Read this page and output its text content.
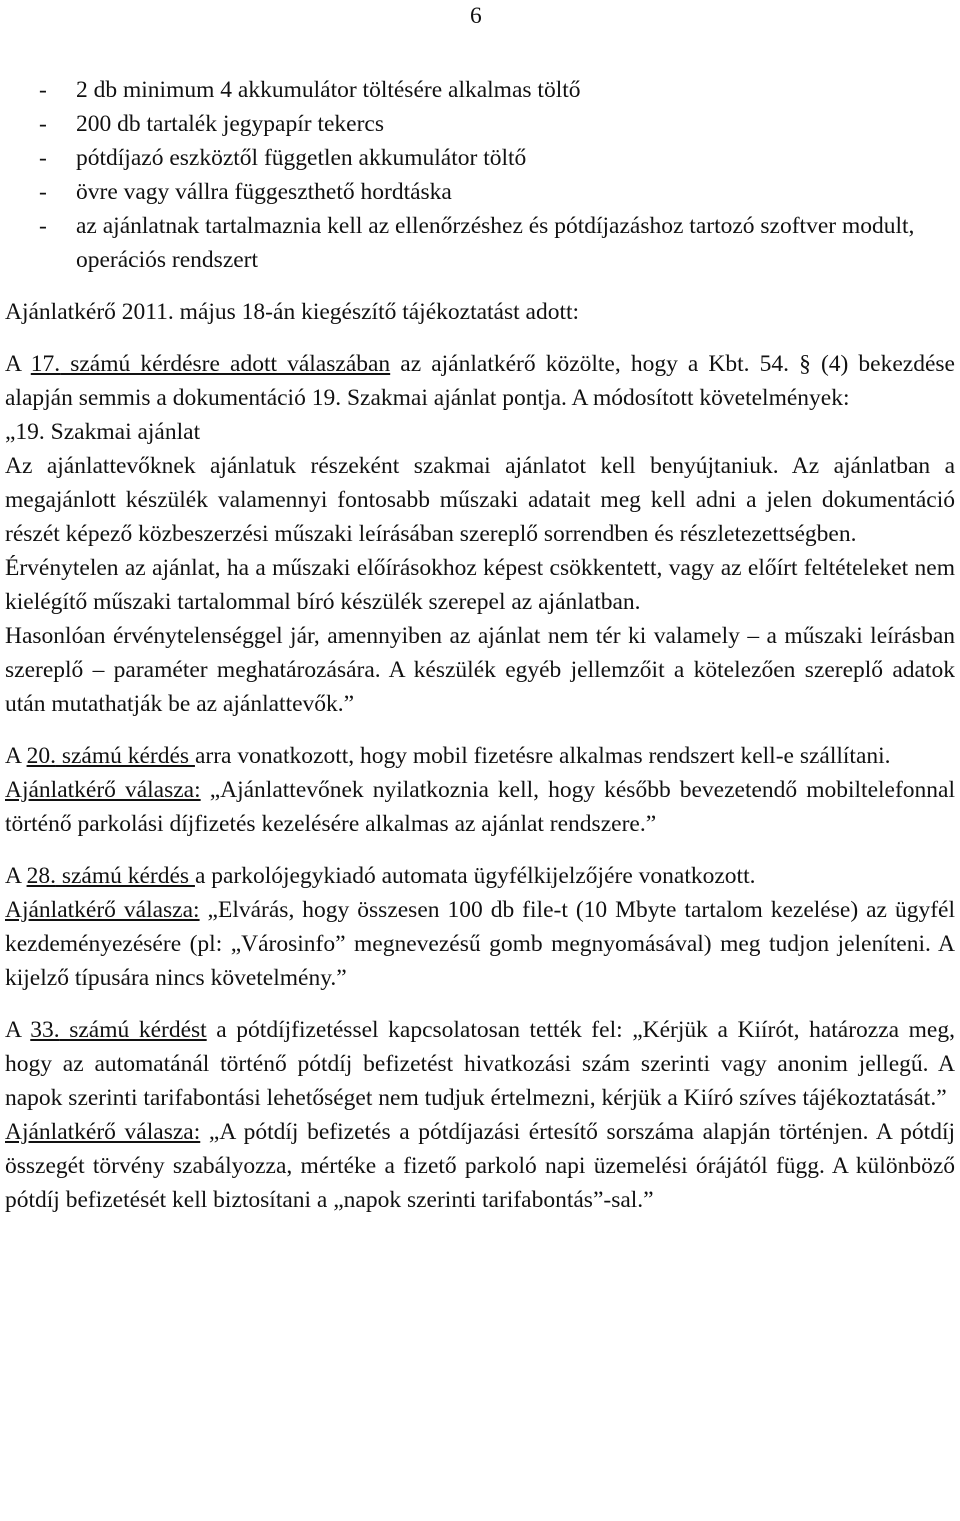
6
-	2 db minimum 4 akkumulátor töltésére alkalmas töltő
-	200 db tartalék jegypapír tekercs
-	pótdíjazó eszköztől független akkumulátor töltő
-	övre vagy vállra függeszthető hordtáska
-	az ajánlatnak tartalmaznia kell az ellenőrzéshez és pótdíjazáshoz tartozó szoftver modult, operációs rendszert

Ajánlatkérő 2011. május 18-án kiegészítő tájékoztatást adott:

A 17. számú kérdésre adott válaszában az ajánlatkérő közölte, hogy a Kbt. 54. § (4) bekezdése alapján semmis a dokumentáció 19. Szakmai ajánlat pontja. A módosított követelmények:

„19. Szakmai ajánlat

Az ajánlattevőknek ajánlatuk részeként szakmai ajánlatot kell benyújtaniuk. Az ajánlatban a megajánlott készülék valamennyi fontosabb műszaki adatait meg kell adni a jelen dokumentáció részét képező közbeszerzési műszaki leírásában szereplő sorrendben és részletezettségben.

Érvénytelen az ajánlat, ha a műszaki előírásokhoz képest csökkentett, vagy az előírt feltételeket nem kielégítő műszaki tartalommal bíró készülék szerepel az ajánlatban.

Hasonlóan érvénytelenséggel jár, amennyiben az ajánlat nem tér ki valamely – a műszaki leírásban szereplő – paraméter meghatározására. A készülék egyéb jellemzőit a kötelezően szereplő adatok után mutathatják be az ajánlattevők.”

A 20. számú kérdés arra vonatkozott, hogy mobil fizetésre alkalmas rendszert kell-e szállítani.

Ajánlatkérő válasza: „Ajánlattevőnek nyilatkoznia kell, hogy később bevezetendő mobiltelefonnal történő parkolási díjfizetés kezelésére alkalmas az ajánlat rendszere.”

A 28. számú kérdés a parkolójegykiadó automata ügyfélkijelzőjére vonatkozott.

Ajánlatkérő válasza: „Elvárás, hogy összesen 100 db file-t (10 Mbyte tartalom kezelése) az ügyfél kezdeményezésére (pl: „Városinfo” megnevezésű gomb megnyomásával) meg tudjon jeleníteni. A kijelző típusára nincs követelmény.”

A 33. számú kérdést a pótdíjfizetéssel kapcsolatosan tették fel: „Kérjük a Kiírót, határozza meg, hogy az automatánál történő pótdíj befizetést hivatkozási szám szerinti vagy anonim jellegű. A napok szerinti tarifabontási lehetőséget nem tudjuk értelmezni, kérjük a Kiíró szíves tájékoztatását.”

Ajánlatkérő válasza: „A pótdíj befizetés a pótdíjazási értesítő sorszáma alapján történjen. A pótdíj összegét törvény szabályozza, mértéke a fizető parkoló napi üzemelési órájától függ. A különböző pótdíj befizetését kell biztosítani a „napok szerinti tarifabontás”-sal.”
